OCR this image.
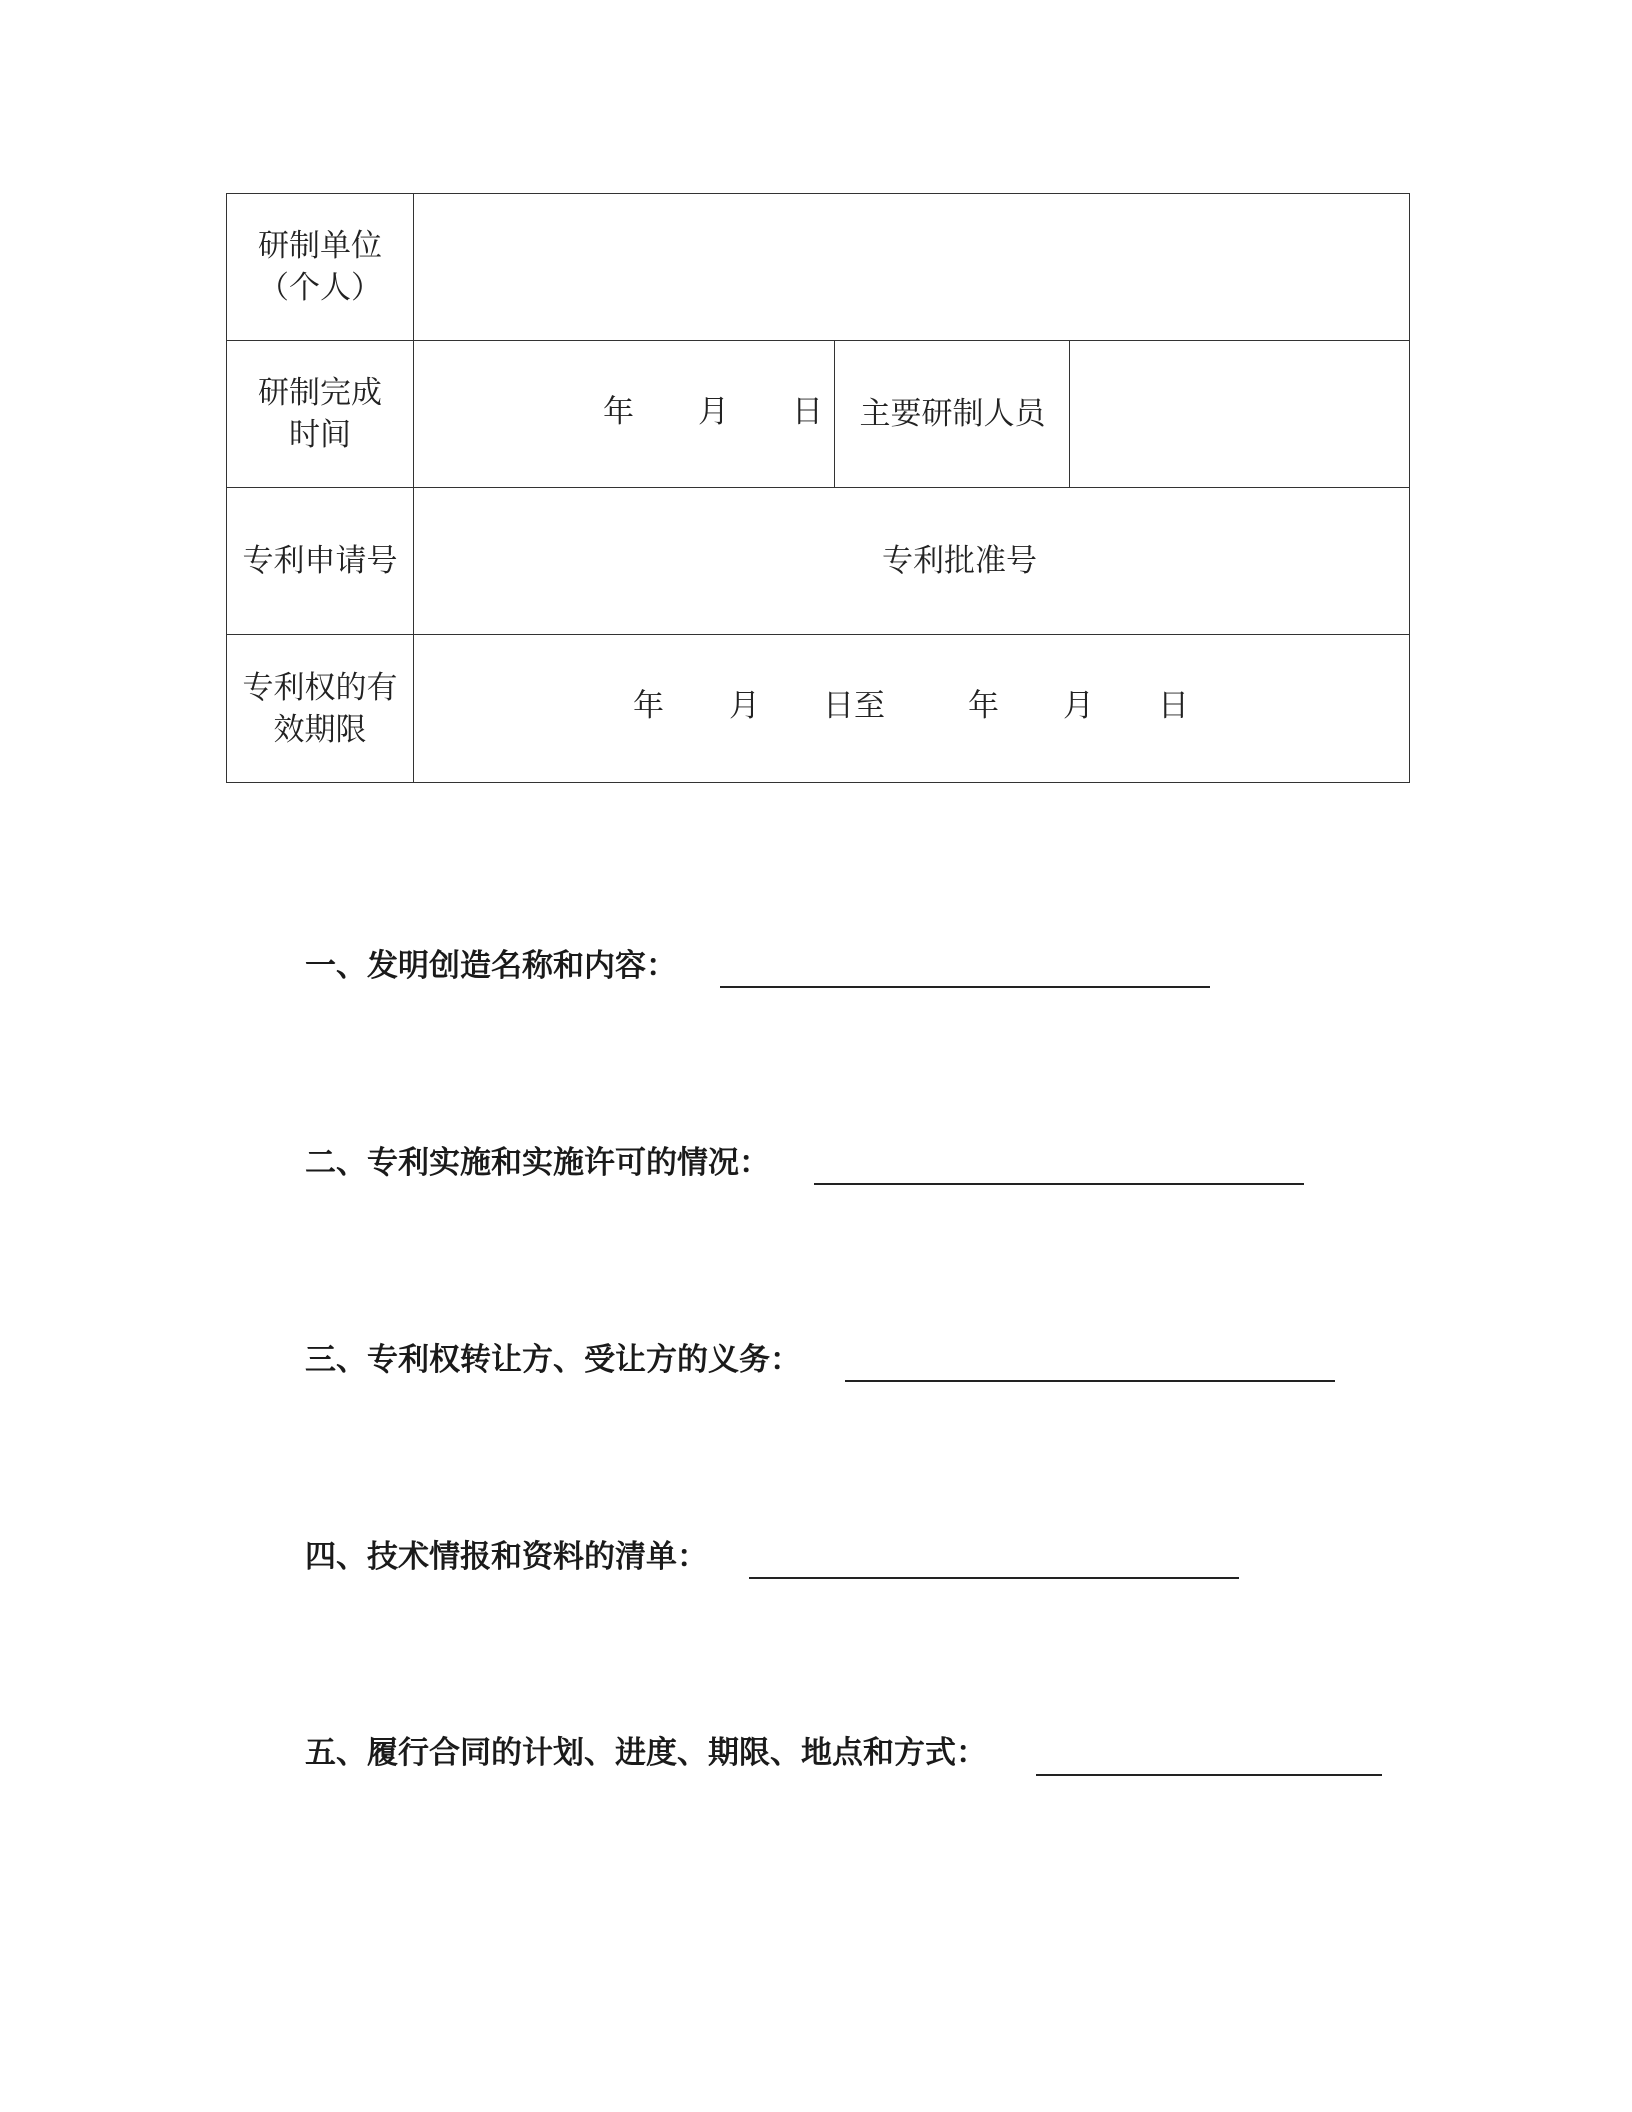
研制单位
（个人）
研制完成
时间
年 月 日 主要研制人员
专利申请号	专利批准号
专利权的有
效期限
年 月 日至	年 月 日
一、发明创造名称和内容：
二、专利实施和实施许可的情况：
三、专利权转让方、受让方的义务：
四、技术情报和资料的清单：
五、履行合同的计划、进度、期限、地点和方式：
